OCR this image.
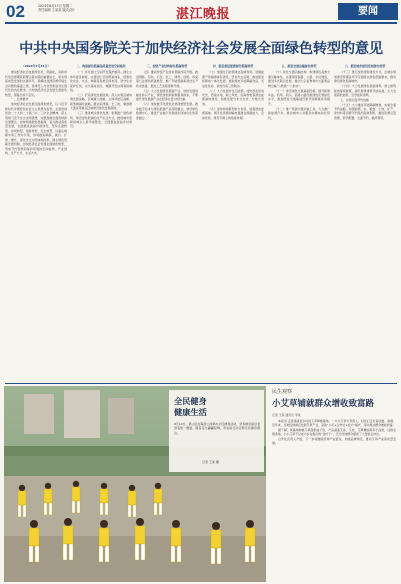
02	2024年8月13日 星期二
责任编辑 王某某 版式设计	湛江晚报	要闻
中共中央国务院关于加快经济社会发展全面绿色转型的意见
（2024年7月31日）

推动经济社会发展绿色化、低碳化，是新时代党治国理政新理念新实践的重要标志，是实现高质量发展的关键环节，是解决我国资源环境生态问题的基础之策，是建设人与自然和谐共生现代化的内在要求。为加快经济社会发展全面绿色转型，现提出如下意见。

一、总体要求

加快经济社会发展全面绿色转型，以习近平新时代中国特色社会主义思想为指导，全面贯彻党的二十大和二十届二中、三中全会精神，深入贯彻习近平生态文明思想，完整准确全面贯彻新发展理念，加快构建新发展格局，着力推动高质量发展，全面推进美丽中国建设，坚持全面转型、协同转型、创新转型、安全转型，以碳达峰碳中和工作为引领，协同推进降碳、减污、扩绿、增长，深化生态文明体制改革，健全绿色低碳发展机制，加快经济社会发展全面绿色转型，形成节约资源和保护环境的空间格局、产业结构、生产方式、生活方式。

二、构建绿色低碳高质量发展空间格局

（一）优化国土空间开发保护格局。健全主体功能区制度，完善国土空间规划体系，统筹优化农业、生态、城镇等各类空间布局。坚守生态保护红线、永久基本农田、城镇开发边界等控制线。

（二）打造绿色发展高地。深入实施区域协调发展战略、区域重大战略、主体功能区战略、新型城镇化战略，推动京津冀、长三角、粤港澳大湾区等重点区域建设绿色发展高地。

（三）推进城乡绿色发展。积极推广绿色建筑，建设绿色低碳的生产生活方式，推进城市更新和城乡人居环境整治，全面推进美丽乡村建设。

三、加快产业结构绿色低碳转型

（四）推动传统产业绿色低碳改造升级。推进钢铁、有色、石化、化工、建材、造纸、印染等行业绿色低碳转型，推广节能低碳和清洁生产技术装备，推进工艺流程更新升级。

（五）大力发展绿色低碳产业。加快发展战略性新兴产业，建设绿色制造和服务体系，不断提升绿色低碳产业在经济总量中的比重。

（六）加快数字化绿色化协同转型发展。推动数字技术与绿色低碳产业深度融合，建设绿色数据中心，推进产业数字化智能化同绿色化的深度融合。

四、稳妥推进能源绿色低碳转型

（七）加强化石能源清洁高效利用。加强能源产供储销体系建设，坚持先立后破，推进煤炭和煤电一体化发展，推进煤电节能降碳改造、灵活性改造、供热改造三改联动。

（八）大力发展非化石能源。加快西北风电光伏、西南水电、海上风电、沿海核电等清洁能源基地建设，积极发展分布式光伏、分散式风电。

（九）加快构建新型电力系统。加强清洁能源基地、调节性资源和输电通道在规模能力、空间布局、建设节奏上的衔接协调。

五、推进交通运输绿色转型

（十）优化交通运输结构。构建绿色高效交通运输体系，完善国家铁路、公路、水运网络，推进多式联运发展，推动大宗货物和中长距离货物运输“公转铁”“公转水”。

（十一）建设绿色交通基础设施。提升新建车站、机场、码头、高速公路设施绿色化智能化水平，推进既有交通基础设施节能降碳改造提升。

（十二）推广低碳交通运输工具。大力推广新能源汽车，推动城市公共服务车辆电动化替代。

六、推进城乡建设发展绿色转型

（十三）推行绿色规划建设方式。在城乡规划建设管理各环节全面落实绿色低碳要求，推动建设绿色低碳城市。

（十四）大力发展绿色低碳建筑。建立建筑能效等级制度，提升新建建筑节能标准，大力发展超低能耗、近零能耗建筑。

七、实施全面节约战略

（十五）大力推进节能降碳增效。实施全面节约战略，加强能源、水、粮食、土地、矿产、原材料等资源节约集约高效利用，推进资源总量管理、科学配置、全面节约、循环利用。

全民健身
健康生活
8月10日，霞山区在海滨公园举办全民健身活动，众多健身爱好者身着统一服装，随着音乐翩翩起舞，用实际行动诠释全民健身理念。
记者 王某 摄
民生观察
小艾草铺就群众增收致富路
记者 王某 通讯员 李某

本报讯 走进遂溪县乡村的艾草种植基地，一片片艾草长势喜人，村民们正忙着收割、晾晒。近年来，当地因地制宜发展艾草产业，采取“公司+合作社+农户”模式，带动周边群众增收致富。

据了解，该基地种植艾草面积逾千亩，产品涵盖艾条、艾柱、艾草精油等多个品类，远销全国各地。小小艾草不仅成为乡村振兴的“金叶子”，还为当地群众提供了大量就业岗位。

合作社负责人介绍，下一步将继续延伸产业链条，加强品牌建设，推动艾草产业高质量发展。
